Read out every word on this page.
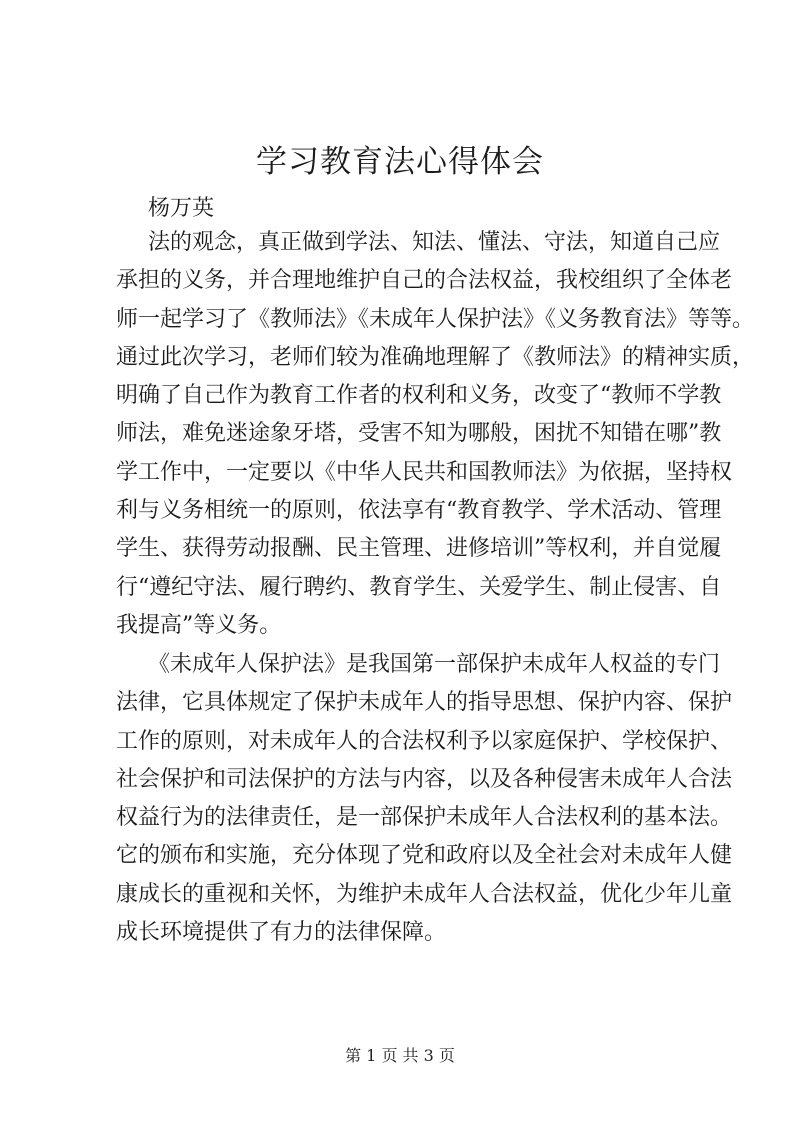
学习教育法心得体会
杨万英
法的观念，真正做到学法、知法、懂法、守法，知道自己应
承担的义务，并合理地维护自己的合法权益，我校组织了全体老
师一起学习了《教师法》《未成年人保护法》《义务教育法》等等。
通过此次学习，老师们较为准确地理解了《教师法》的精神实质，
明确了自己作为教育工作者的权利和义务，改变了“教师不学教
师法，难免迷途象牙塔，受害不知为哪般，困扰不知错在哪”教
学工作中，一定要以《中华人民共和国教师法》为依据，坚持权
利与义务相统一的原则，依法享有“教育教学、学术活动、管理
学生、获得劳动报酬、民主管理、进修培训”等权利，并自觉履
行“遵纪守法、履行聘约、教育学生、关爱学生、制止侵害、自
我提高”等义务。
《未成年人保护法》是我国第一部保护未成年人权益的专门
法律，它具体规定了保护未成年人的指导思想、保护内容、保护
工作的原则，对未成年人的合法权利予以家庭保护、学校保护、
社会保护和司法保护的方法与内容，以及各种侵害未成年人合法
权益行为的法律责任，是一部保护未成年人合法权利的基本法。
它的颁布和实施，充分体现了党和政府以及全社会对未成年人健
康成长的重视和关怀，为维护未成年人合法权益，优化少年儿童
成长环境提供了有力的法律保障。
第 1 页 共 3 页
